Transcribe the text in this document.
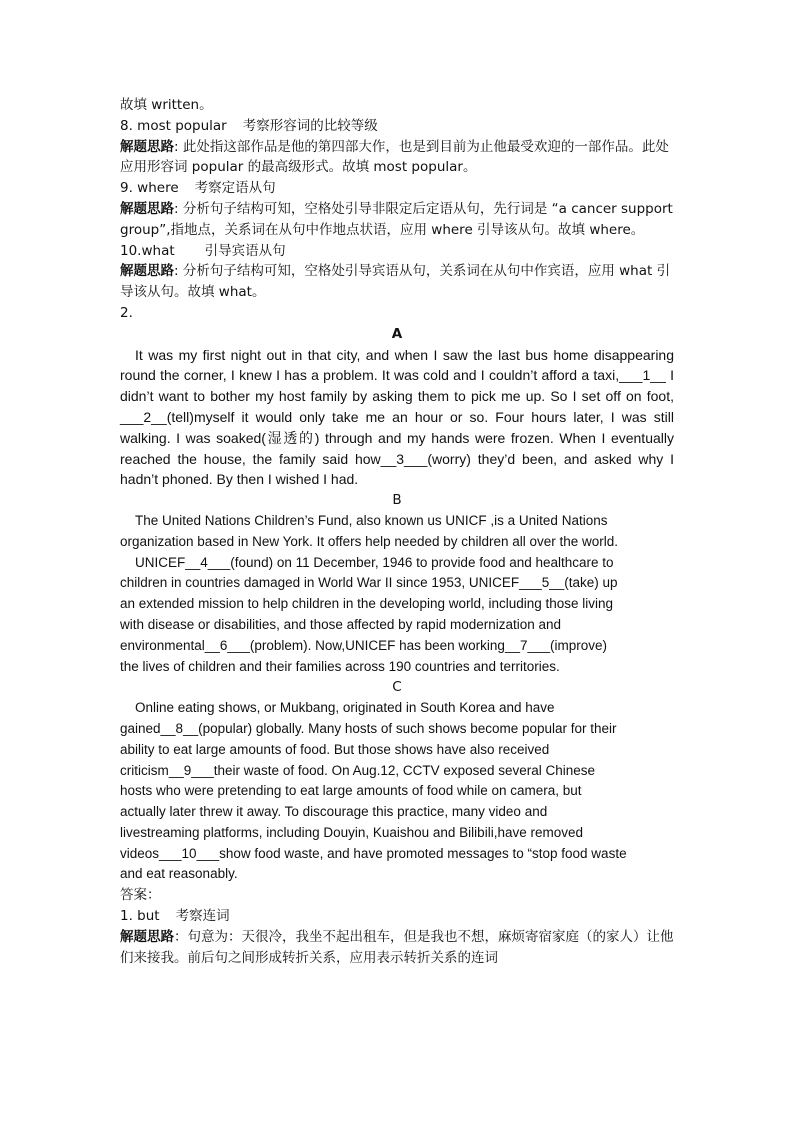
故填 written。
8. most popular 考察形容词的比较等级
解题思路: 此处指这部作品是他的第四部大作，也是到目前为止他最受欢迎的一部作品。此处应用形容词 popular 的最高级形式。故填 most popular。
9. where 考察定语从句
解题思路: 分析句子结构可知，空格处引导非限定后定语从句，先行词是 “a cancer support group”,指地点，关系词在从句中作地点状语，应用 where 引导该从句。故填 where。
10.what 引导宾语从句
解题思路: 分析句子结构可知，空格处引导宾语从句，关系词在从句中作宾语，应用 what 引导该从句。故填 what。
2.
A
It was my first night out in that city, and when I saw the last bus home disappearing round the corner, I knew I has a problem. It was cold and I couldn’t afford a taxi,___1__ I didn’t want to bother my host family by asking them to pick me up. So I set off on foot, ___2__(tell)myself it would only take me an hour or so. Four hours later, I was still walking. I was soaked(湿透的) through and my hands were frozen. When I eventually reached the house, the family said how__3___(worry) they’d been, and asked why I hadn’t phoned. By then I wished I had.
B
The United Nations Children’s Fund, also known us UNICF ,is a United Nations
organization based in New York. It offers help needed by children all over the world.
UNICEF__4___(found) on 11 December, 1946 to provide food and healthcare to
children in countries damaged in World War II since 1953, UNICEF___5__(take) up
an extended mission to help children in the developing world, including those living
with disease or disabilities, and those affected by rapid modernization and
environmental__6___(problem). Now,UNICEF has been working__7___(improve)
the lives of children and their families across 190 countries and territories.
C
Online eating shows, or Mukbang, originated in South Korea and have
gained__8__(popular) globally. Many hosts of such shows become popular for their
ability to eat large amounts of food. But those shows have also received
criticism__9___their waste of food. On Aug.12, CCTV exposed several Chinese
hosts who were pretending to eat large amounts of food while on camera, but
actually later threw it away. To discourage this practice, many video and
livestreaming platforms, including Douyin, Kuaishou and Bilibili,have removed
videos___10___show food waste, and have promoted messages to “stop food waste
and eat reasonably.
答案：
1. but 考察连词
解题思路：句意为：天很冷，我坐不起出租车，但是我也不想，麻烦寄宿家庭（的家人）让他们来接我。前后句之间形成转折关系，应用表示转折关系的连词
